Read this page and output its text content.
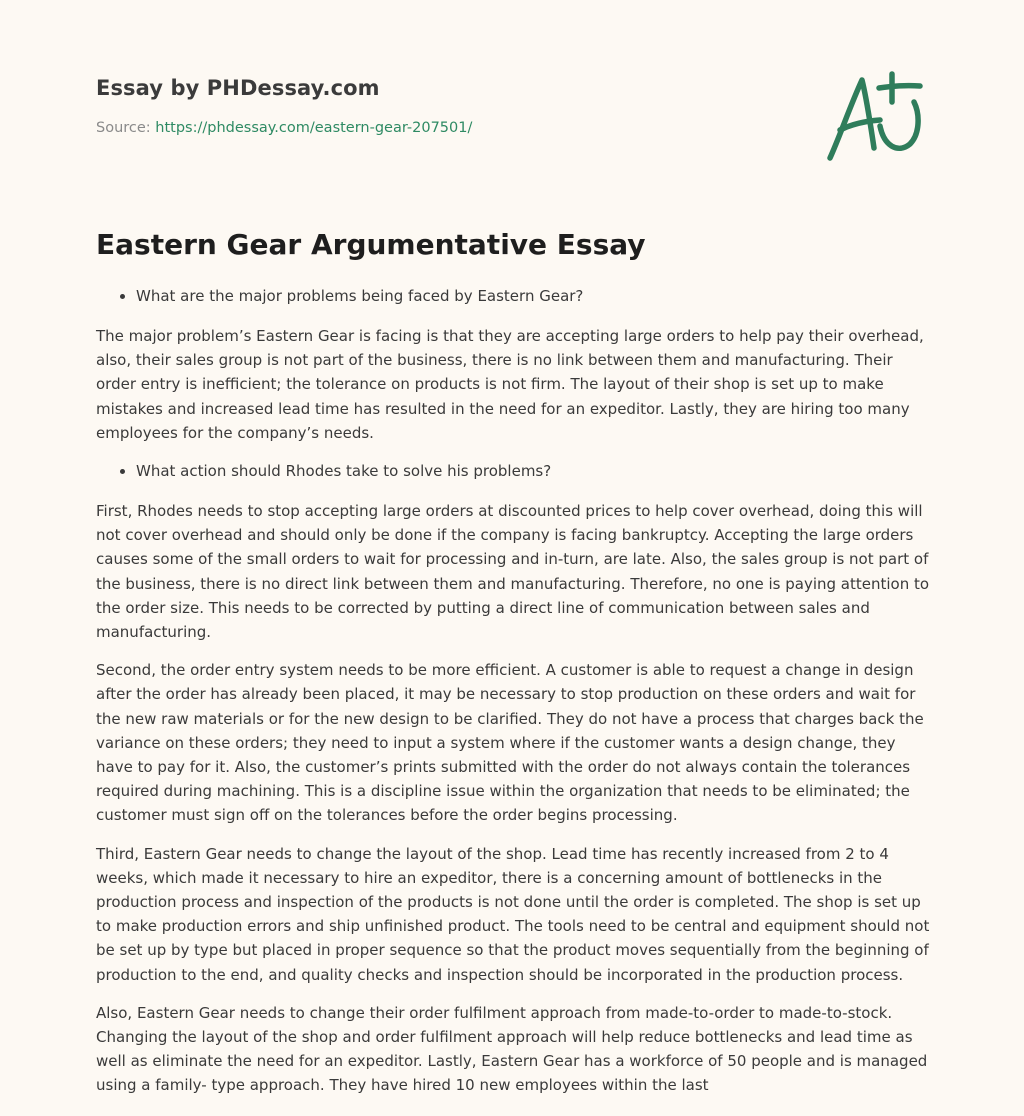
Essay by PHDessay.com
Source: https://phdessay.com/eastern-gear-207501/
Eastern Gear Argumentative Essay
• What are the major problems being faced by Eastern Gear?

The major problem’s Eastern Gear is facing is that they are accepting large orders to help pay their overhead, also, their sales group is not part of the business, there is no link between them and manufacturing. Their order entry is inefficient; the tolerance on products is not firm. The layout of their shop is set up to make mistakes and increased lead time has resulted in the need for an expeditor. Lastly, they are hiring too many employees for the company’s needs.

• What action should Rhodes take to solve his problems?

First, Rhodes needs to stop accepting large orders at discounted prices to help cover overhead, doing this will not cover overhead and should only be done if the company is facing bankruptcy. Accepting the large orders causes some of the small orders to wait for processing and in-turn, are late. Also, the sales group is not part of the business, there is no direct link between them and manufacturing. Therefore, no one is paying attention to the order size. This needs to be corrected by putting a direct line of communication between sales and manufacturing.

Second, the order entry system needs to be more efficient. A customer is able to request a change in design after the order has already been placed, it may be necessary to stop production on these orders and wait for the new raw materials or for the new design to be clarified. They do not have a process that charges back the variance on these orders; they need to input a system where if the customer wants a design change, they have to pay for it. Also, the customer’s prints submitted with the order do not always contain the tolerances required during machining. This is a discipline issue within the organization that needs to be eliminated; the customer must sign off on the tolerances before the order begins processing.

Third, Eastern Gear needs to change the layout of the shop. Lead time has recently increased from 2 to 4 weeks, which made it necessary to hire an expeditor, there is a concerning amount of bottlenecks in the production process and inspection of the products is not done until the order is completed. The shop is set up to make production errors and ship unfinished product. The tools need to be central and equipment should not be set up by type but placed in proper sequence so that the product moves sequentially from the beginning of production to the end, and quality checks and inspection should be incorporated in the production process.

Also, Eastern Gear needs to change their order fulfilment approach from made-to-order to made-to-stock. Changing the layout of the shop and order fulfilment approach will help reduce bottlenecks and lead time as well as eliminate the need for an expeditor. Lastly, Eastern Gear has a workforce of 50 people and is managed using a family- type approach. They have hired 10 new employees within the last
